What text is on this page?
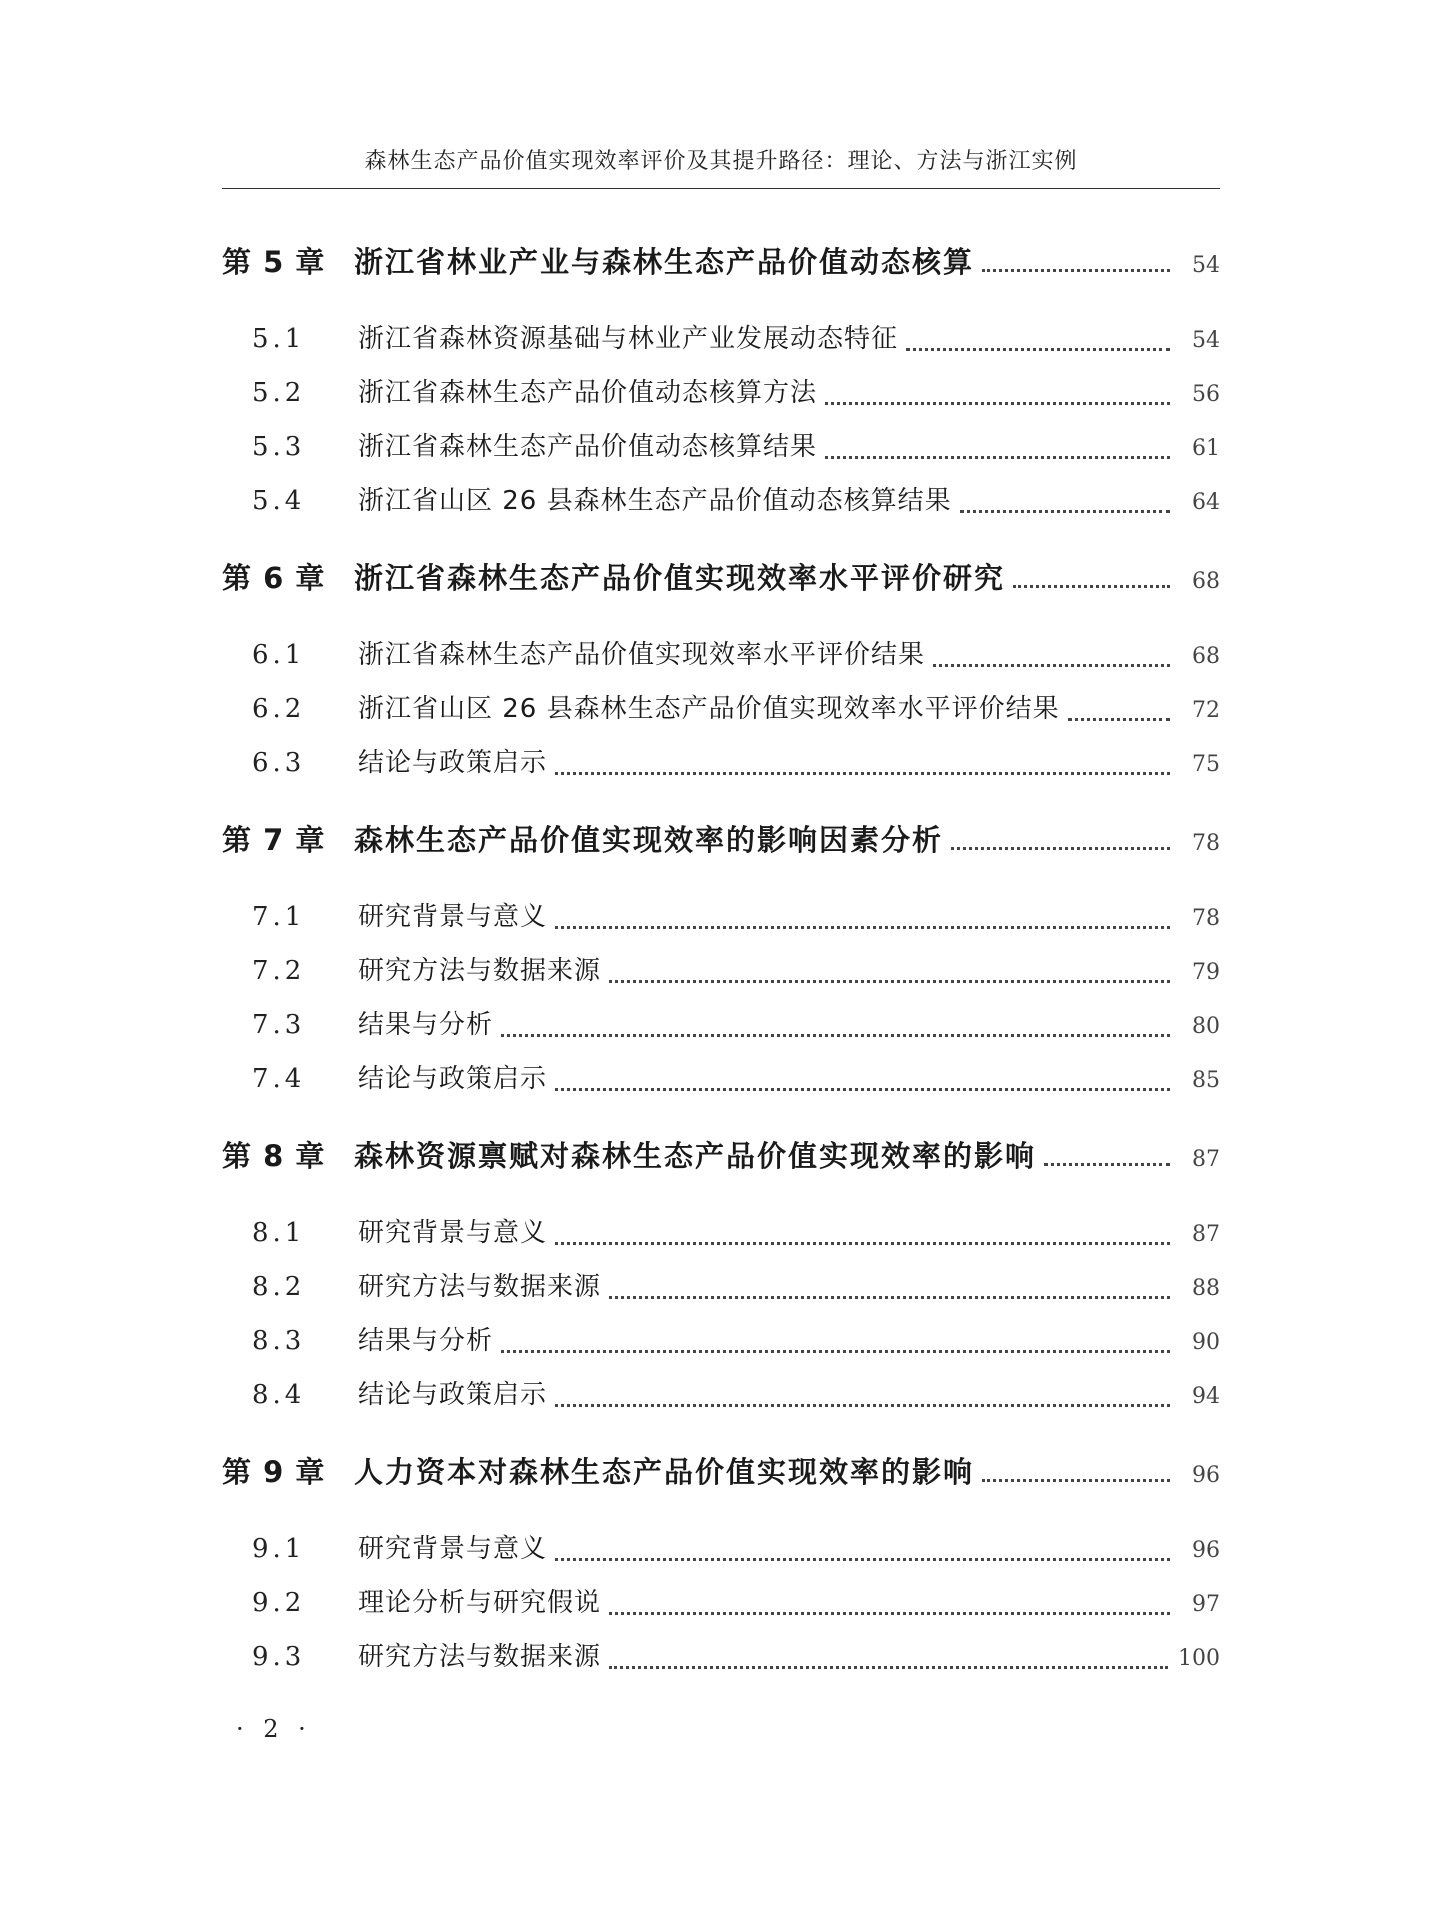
森林生态产品价值实现效率评价及其提升路径：理论、方法与浙江实例
第 5 章 浙江省林业产业与森林生态产品价值动态核算	54
5.1	浙江省森林资源基础与林业产业发展动态特征	54
5.2	浙江省森林生态产品价值动态核算方法	56
5.3	浙江省森林生态产品价值动态核算结果	61
5.4	浙江省山区 26 县森林生态产品价值动态核算结果	64
第 6 章 浙江省森林生态产品价值实现效率水平评价研究	68
6.1	浙江省森林生态产品价值实现效率水平评价结果	68
6.2	浙江省山区 26 县森林生态产品价值实现效率水平评价结果	72
6.3	结论与政策启示	75
第 7 章 森林生态产品价值实现效率的影响因素分析	78
7.1	研究背景与意义	78
7.2	研究方法与数据来源	79
7.3	结果与分析	80
7.4	结论与政策启示	85
第 8 章 森林资源禀赋对森林生态产品价值实现效率的影响	87
8.1	研究背景与意义	87
8.2	研究方法与数据来源	88
8.3	结果与分析	90
8.4	结论与政策启示	94
第 9 章 人力资本对森林生态产品价值实现效率的影响	96
9.1	研究背景与意义	96
9.2	理论分析与研究假说	97
9.3	研究方法与数据来源	100
· 2 ·
